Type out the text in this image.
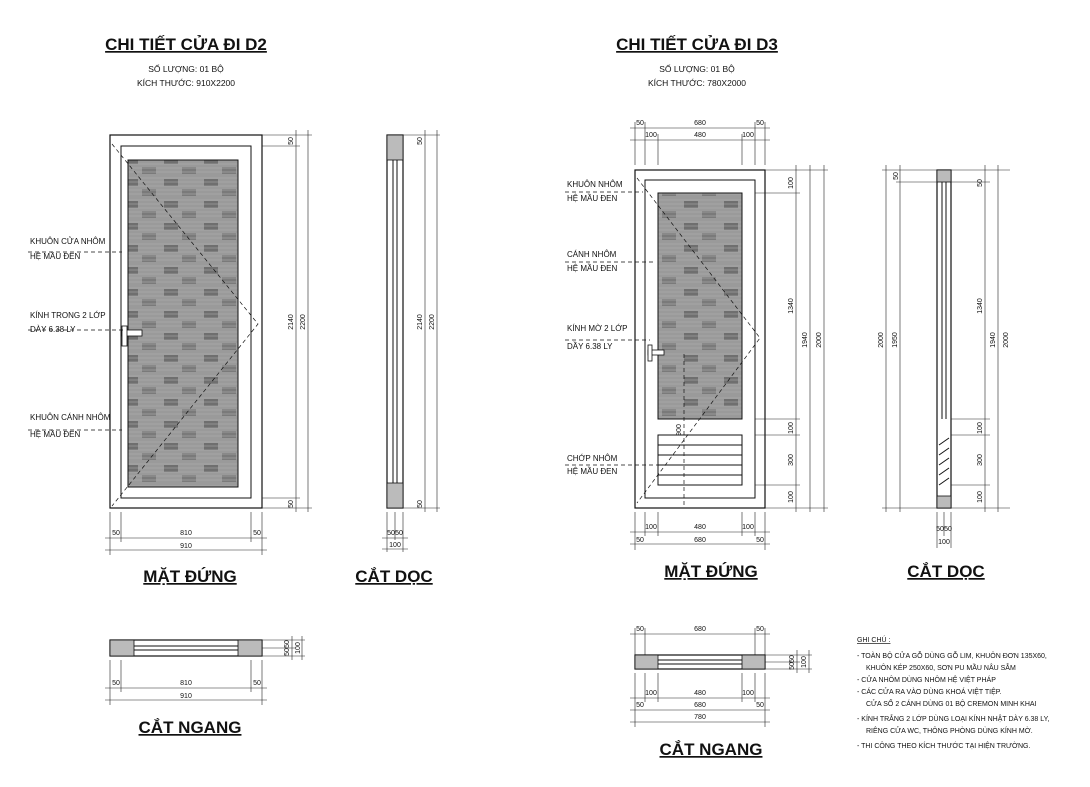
CHI TIẾT CỬA ĐI D2
SỐ LƯỢNG: 01 BỘ
KÍCH THƯỚC: 910X2200
KHUÔN CỬA NHÔM
HỆ MẦU ĐEN
KÍNH TRONG 2 LỚP
DÀY 6.38 LY
KHUÔN CÁNH NHÔM
HỆ MẦU ĐEN
50
2140
50
2200
50	810	50
910
MẶT ĐỨNG
50
2140 2200
50
50 50
100
CẮT DỌC
50
50 100
50	810	50
910
CẮT NGANG
CHI TIẾT CỬA ĐI D3
SỐ LƯỢNG: 01 BỘ
KÍCH THƯỚC: 780X2000
50	680	50
100	480	100
900
KHUÔN NHÔM
HỆ MẦU ĐEN
CÁNH NHÔM
HỆ MẦU ĐEN
KÍNH MỜ 2 LỚP
DẦY 6.38 LY
CHỚP NHÔM
HỆ MẦU ĐEN
100
1340
100
300
100
1940 2000
100	480	100
50	680	50
MẶT ĐỨNG
50
2000 1950
50
1340
100
300
100
1940 2000
50 50
100
CẮT DỌC
50	680	50
50
50 100
100	480	100
50	680	50
780
CẮT NGANG
GHI CHÚ :
- TOÀN BỘ CỬA GỖ DÙNG GỖ LIM, KHUÔN ĐƠN 135X60,
KHUÔN KÉP 250X60, SƠN PU MẦU NÂU SẪM
- CỬA NHÔM DÙNG NHÔM HỆ VIỆT PHÁP
- CÁC CỬA RA VÀO DÙNG KHOÁ VIỆT TIỆP.
CỬA SỔ 2 CÁNH DÙNG 01 BỘ CREMON MINH KHAI
- KÍNH TRẮNG 2 LỚP DÙNG LOẠI KÍNH NHẬT DÀY 6.38 LY,
RIÊNG CỬA WC, THÔNG PHÒNG DÙNG KÍNH MỜ.
- THI CÔNG THEO KÍCH THƯỚC TẠI HIỆN TRƯỜNG.
